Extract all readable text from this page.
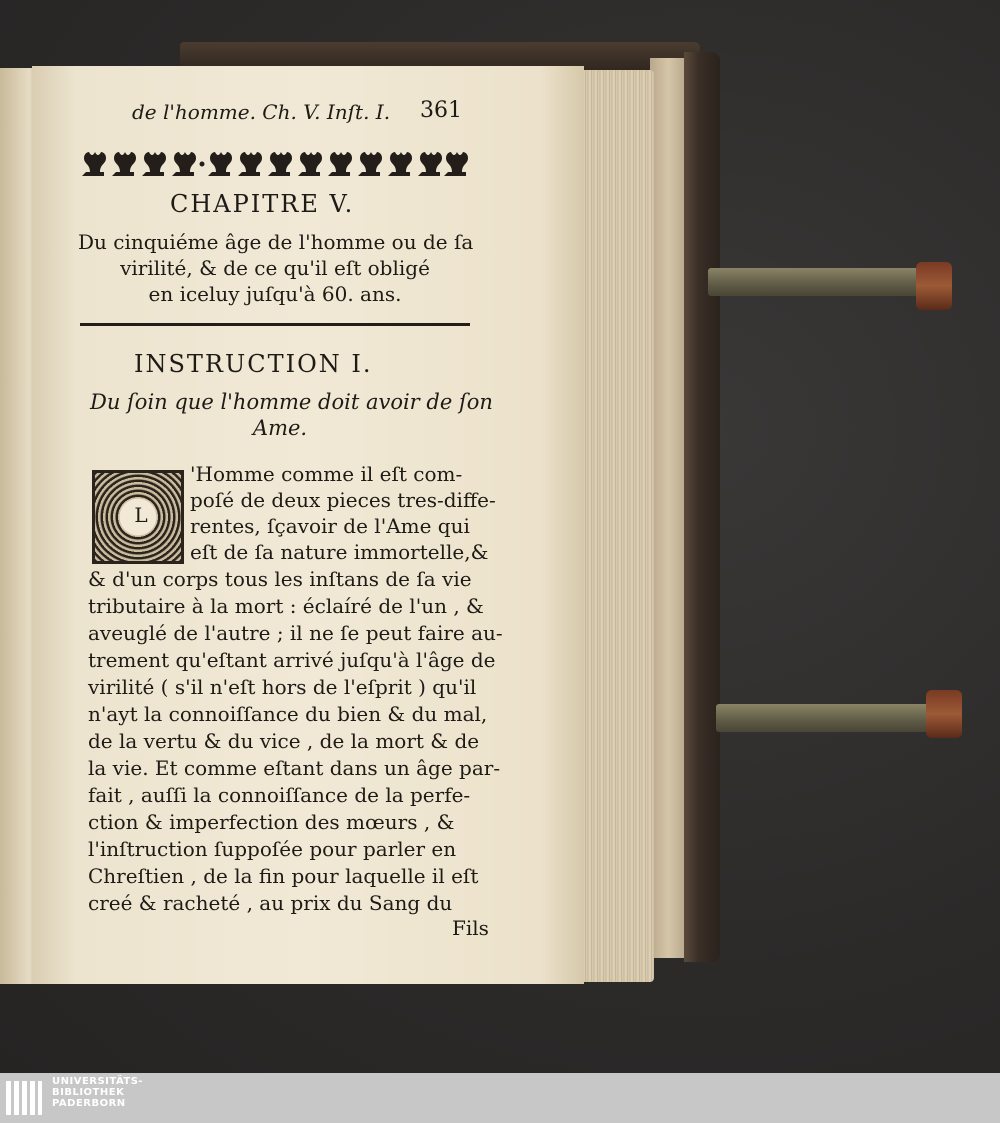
de l'homme. Ch. V. Inſt. I. 361
CHAPITRE V.
Du cinquiéme âge de l'homme ou de ſa
virilité, & de ce qu'il eſt obligé
en iceluy juſqu'à 60. ans.
INSTRUCTION I.
Du ſoin que l'homme doit avoir de ſon
Ame.
L
'Homme comme il eſt com-
poſé de deux pieces tres-diffe-
rentes, ſçavoir de l'Ame qui
eſt de ſa nature immortelle,&
& d'un corps tous les inſtans de ſa vie
tributaire à la mort : éclaíré de l'un , &
aveuglé de l'autre ; il ne ſe peut faire au-
trement qu'eſtant arrivé juſqu'à l'âge de
virilité ( s'il n'eſt hors de l'eſprit ) qu'il
n'ayt la connoiſſance du bien & du mal,
de la vertu & du vice , de la mort & de
la vie. Et comme eſtant dans un âge par-
fait , auſſi la connoiſſance de la perfe-
ction & imperfection des mœurs , &
l'inſtruction ſuppoſée pour parler en
Chreſtien , de la fin pour laquelle il eſt
creé & racheté , au prix du Sang du
Fils
UNIVERSITÄTS-
BIBLIOTHEK
PADERBORN
